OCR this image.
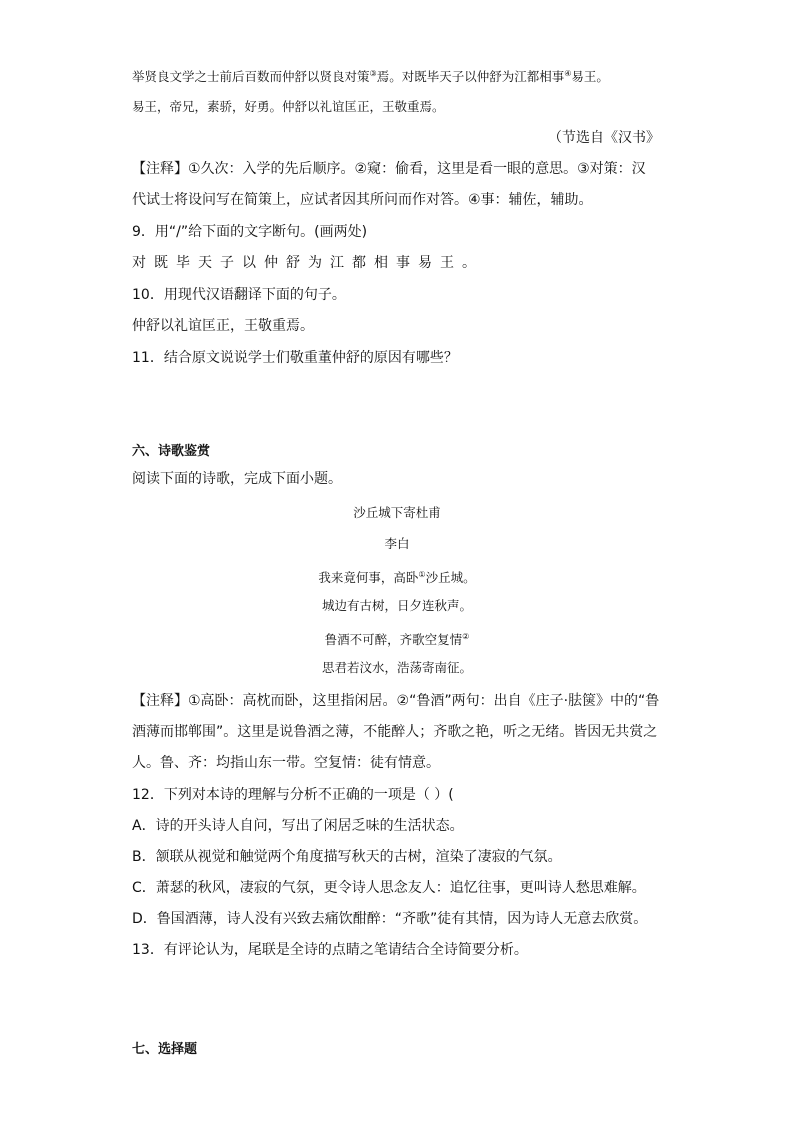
举贤良文学之士前后百数而仲舒以贤良对策③焉。对既毕天子以仲舒为江都相事④易王。
易王，帝兄，素骄，好勇。仲舒以礼谊匡正，王敬重焉。
（节选自《汉书》
【注释】①久次：入学的先后顺序。②窥：偷看，这里是看一眼的意思。③对策：汉
代试士将设问写在简策上，应试者因其所问而作对答。④事：辅佐，辅助。
9．用“/”给下面的文字断句。(画两处)
对既毕天子以仲舒为江都相事易王。
10．用现代汉语翻译下面的句子。
仲舒以礼谊匡正，王敬重焉。
11．结合原文说说学士们敬重董仲舒的原因有哪些？
六、诗歌鉴赏
阅读下面的诗歌，完成下面小题。
沙丘城下寄杜甫
李白
我来竟何事，高卧①沙丘城。
城边有古树，日夕连秋声。
鲁酒不可醉，齐歌空复情②
思君若汶水，浩荡寄南征。
【注释】①高卧：高枕而卧，这里指闲居。②“鲁酒”两句：出自《庄子·胠箧》中的“鲁
酒薄而邯郸围”。这里是说鲁酒之薄，不能醉人；齐歌之艳，听之无绪。皆因无共赏之
人。鲁、齐：均指山东一带。空复情：徒有情意。
12．下列对本诗的理解与分析不正确的一项是（ ）(
A．诗的开头诗人自问，写出了闲居乏味的生活状态。
B．颔联从视觉和触觉两个角度描写秋天的古树，渲染了凄寂的气氛。
C．萧瑟的秋风，凄寂的气氛，更令诗人思念友人：追忆往事，更叫诗人愁思难解。
D．鲁国酒薄，诗人没有兴致去痛饮酣醉：“齐歌”徒有其情，因为诗人无意去欣赏。
13．有评论认为，尾联是全诗的点睛之笔请结合全诗简要分析。
七、选择题
